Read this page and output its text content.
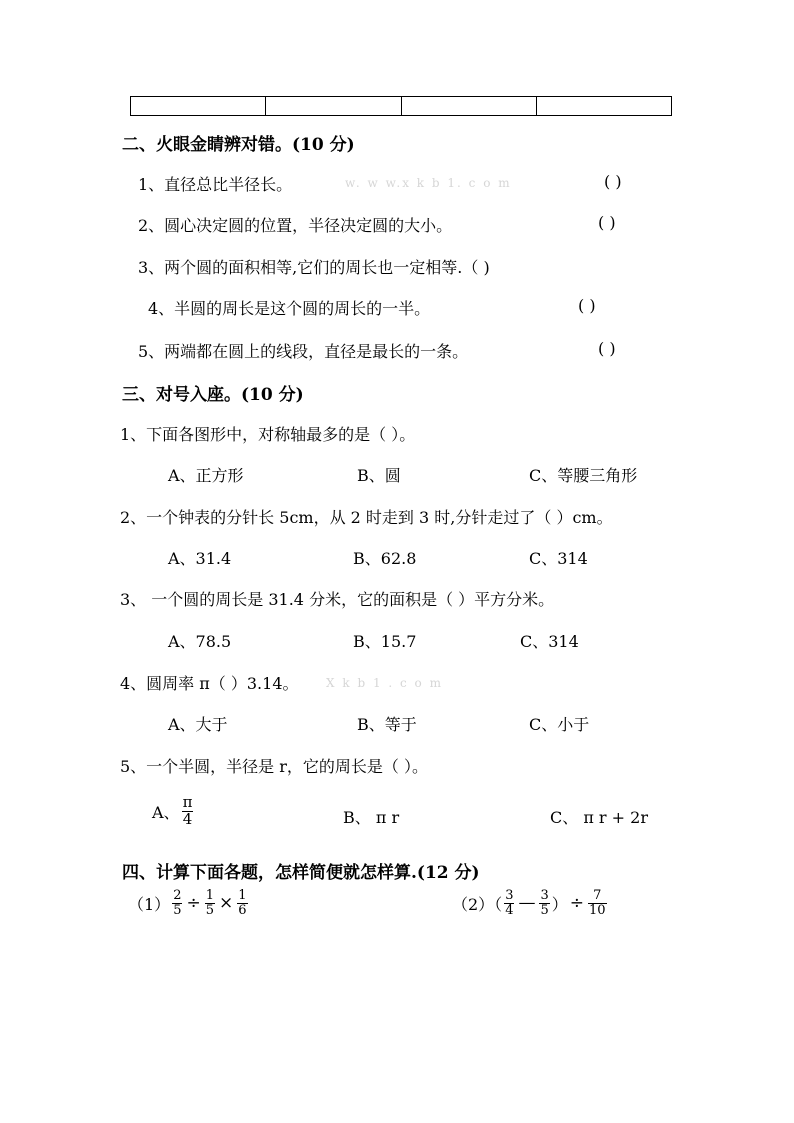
二、火眼金睛辨对错。(10 分)
1、直径总比半径长。	w. w w.x k b 1. c o m	( )
2、圆心决定圆的位置，半径决定圆的大小。	( )
3、两个圆的面积相等,它们的周长也一定相等.（ )
4、半圆的周长是这个圆的周长的一半。	( )
5、两端都在圆上的线段，直径是最长的一条。	( )
三、对号入座。(10 分)
1、下面各图形中，对称轴最多的是（ ）。
A、正方形	B、圆	C、等腰三角形
2、一个钟表的分针长 5cm，从 2 时走到 3 时,分针走过了（ ）cm。
A、31.4	B、62.8	C、314
3、 一个圆的周长是 31.4 分米，它的面积是（ ）平方分米。
A、78.5	B、15.7	C、314
4、圆周率 π（ ）3.14。 X k b 1 . c o m
A、大于	B、等于	C、小于
5、一个半圆，半径是 r，它的周长是（ ）。
A、 $\frac{\pi}{4}$	B、 π r	C、 π r + 2r
四、计算下面各题，怎样简便就怎样算.(12 分)
$(1) \frac{2}{5} \div \frac{1}{5} \times \frac{1}{6}$	$(2)( \frac{3}{4}$ — $\frac{3}{5}$ ） ÷ $\frac{7}{10}$
